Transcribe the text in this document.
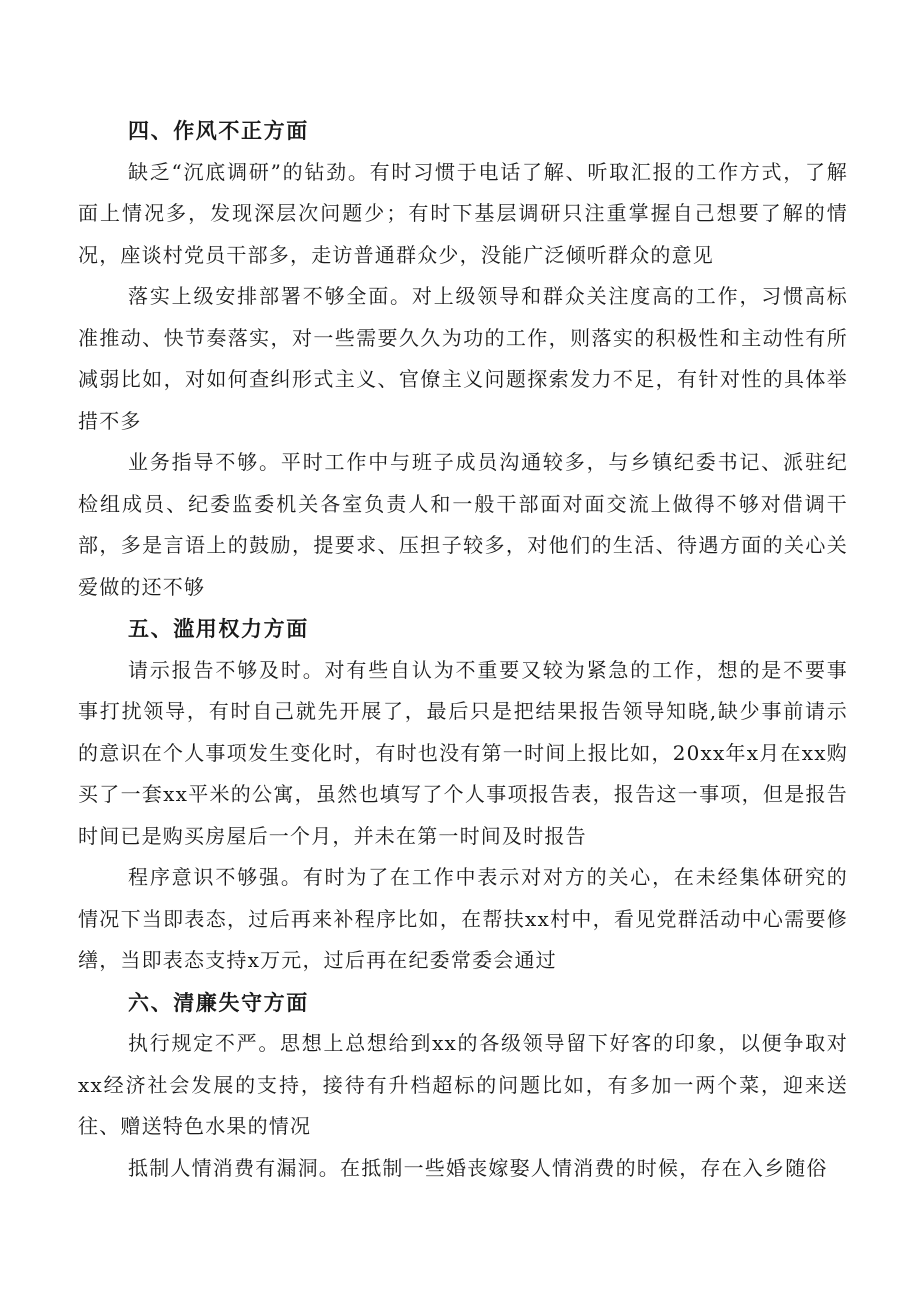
四、作风不正方面

缺乏“沉底调研”的钻劲。有时习惯于电话了解、听取汇报的工作方式，了解面上情况多，发现深层次问题少；有时下基层调研只注重掌握自己想要了解的情况，座谈村党员干部多，走访普通群众少，没能广泛倾听群众的意见

落实上级安排部署不够全面。对上级领导和群众关注度高的工作，习惯高标准推动、快节奏落实，对一些需要久久为功的工作，则落实的积极性和主动性有所减弱比如，对如何查纠形式主义、官僚主义问题探索发力不足，有针对性的具体举措不多

业务指导不够。平时工作中与班子成员沟通较多，与乡镇纪委书记、派驻纪检组成员、纪委监委机关各室负责人和一般干部面对面交流上做得不够对借调干部，多是言语上的鼓励，提要求、压担子较多，对他们的生活、待遇方面的关心关爱做的还不够

五、滥用权力方面

请示报告不够及时。对有些自认为不重要又较为紧急的工作，想的是不要事事打扰领导，有时自己就先开展了，最后只是把结果报告领导知晓,缺少事前请示的意识在个人事项发生变化时，有时也没有第一时间上报比如，20xx年x月在xx购买了一套xx平米的公寓，虽然也填写了个人事项报告表，报告这一事项，但是报告时间已是购买房屋后一个月，并未在第一时间及时报告

程序意识不够强。有时为了在工作中表示对对方的关心，在未经集体研究的情况下当即表态，过后再来补程序比如，在帮扶xx村中，看见党群活动中心需要修缮，当即表态支持x万元，过后再在纪委常委会通过

六、清廉失守方面

执行规定不严。思想上总想给到xx的各级领导留下好客的印象，以便争取对xx经济社会发展的支持，接待有升档超标的问题比如，有多加一两个菜，迎来送往、赠送特色水果的情况

抵制人情消费有漏洞。在抵制一些婚丧嫁娶人情消费的时候，存在入乡随俗
